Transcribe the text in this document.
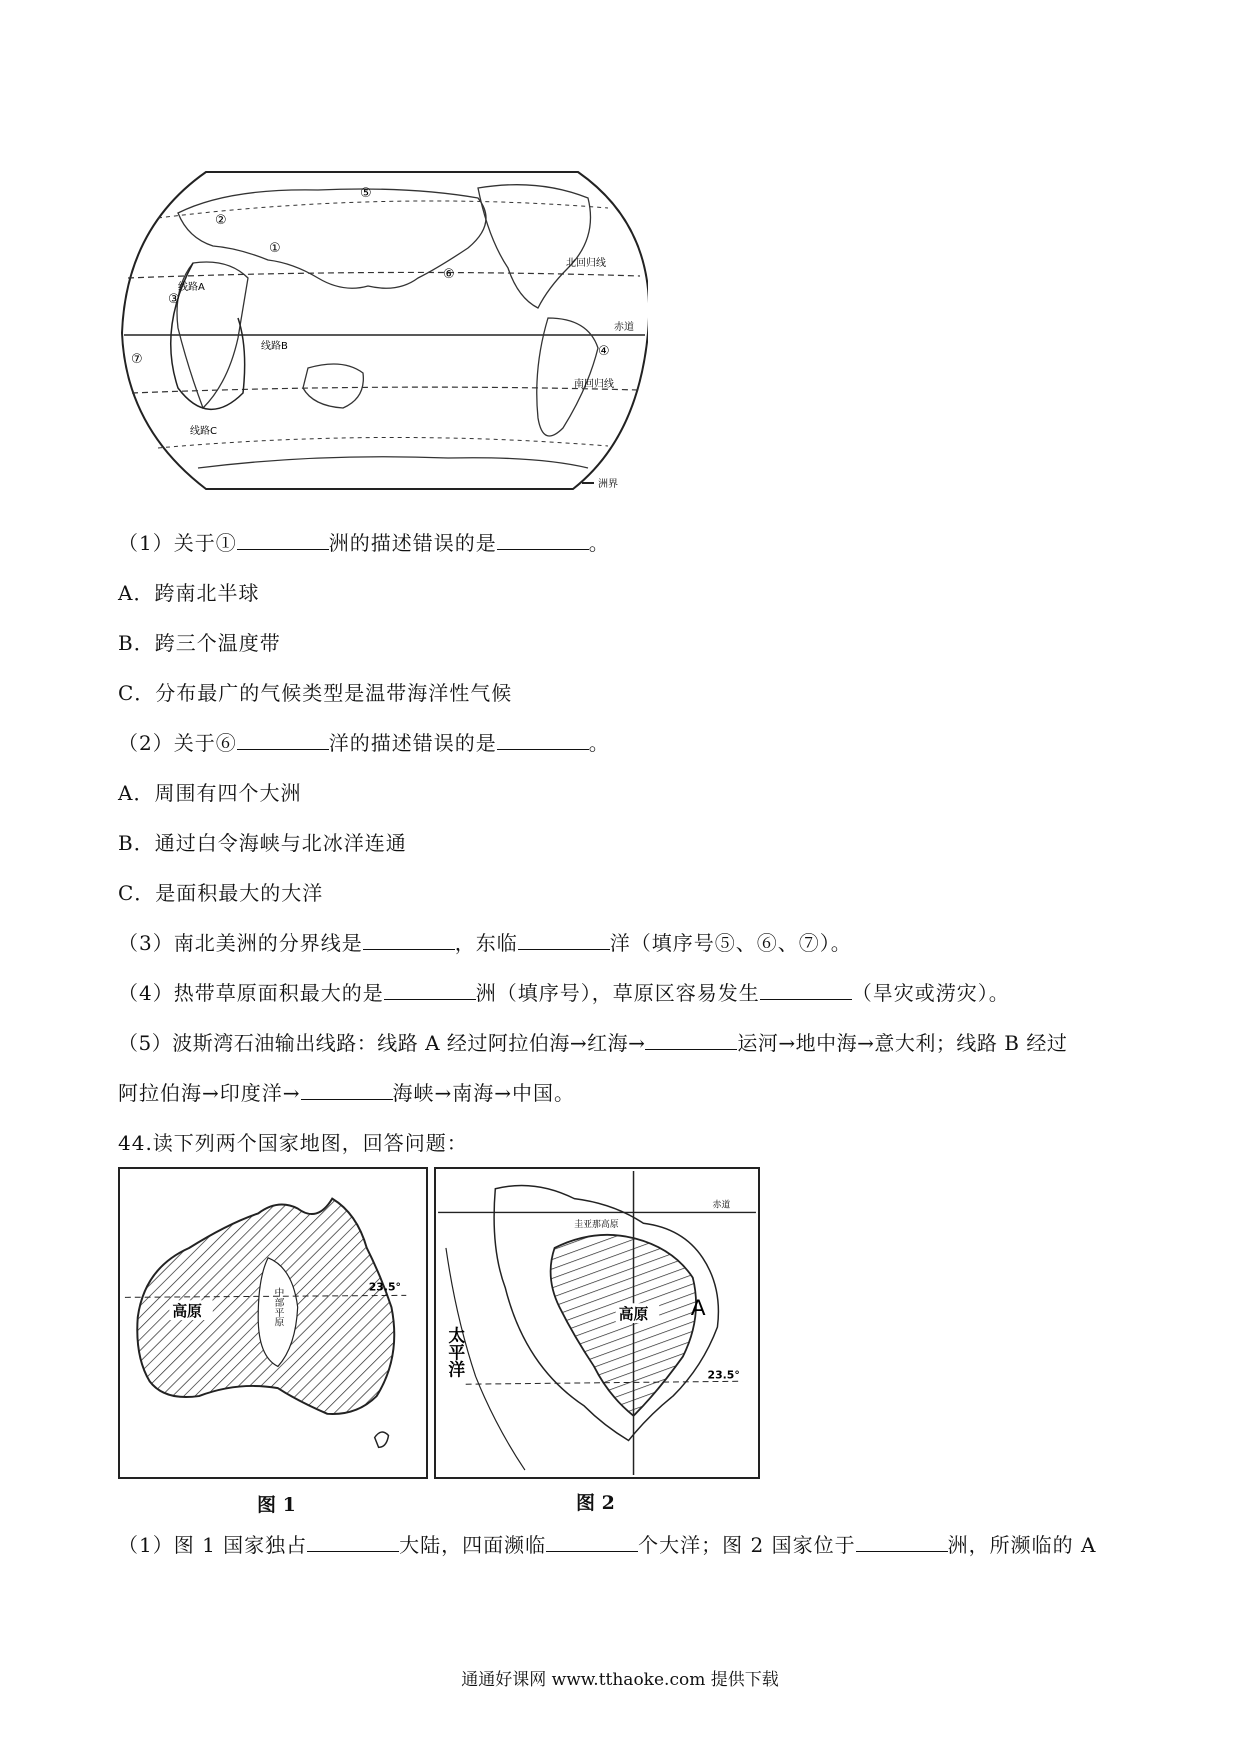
①
②
③
④
⑤
⑥
⑦
线路A
线路B
线路C
北回归线
赤道
南回归线
洲界
（1）关于①	洲的描述错误的是	。
A．跨南北半球
B．跨三个温度带
C．分布最广的气候类型是温带海洋性气候
（2）关于⑥	洋的描述错误的是	。
A．周围有四个大洲
B．通过白令海峡与北冰洋连通
C．是面积最大的大洋
（3）南北美洲的分界线是	，东临	洋（填序号⑤、⑥、⑦）。
（4）热带草原面积最大的是	洲（填序号），草原区容易发生	（旱灾或涝灾）。
（5）波斯湾石油输出线路：线路 A 经过阿拉伯海→红海→	运河→地中海→意大利；线路 B 经过
阿拉伯海→印度洋→	海峡→南海→中国。
44.读下列两个国家地图，回答问题：
高原	中部平原
23.5°
高原 A
太平洋	23.5°
赤道
圭亚那高原
图 1	图 2
（1）图 1 国家独占	大陆，四面濒临	个大洋；图 2 国家位于	洲，所濒临的 A
通通好课网 www.tthaoke.com 提供下载
